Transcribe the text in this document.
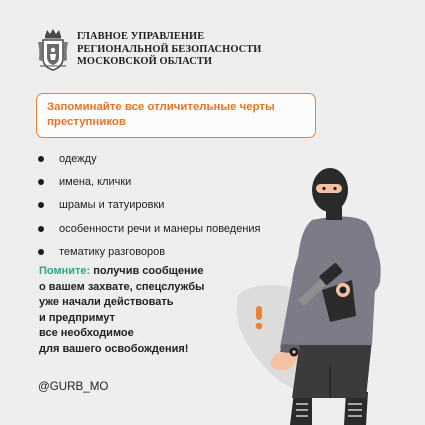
ГЛАВНОЕ УПРАВЛЕНИЕ
РЕГИОНАЛЬНОЙ БЕЗОПАСНОСТИ
МОСКОВСКОЙ ОБЛАСТИ
Запоминайте все отличительные черты
преступников
одежду
имена, клички
шрамы и татуировки
особенности речи и манеры поведения
тематику разговоров
Помните: получив сообщение
о вашем захвате, спецслужбы
уже начали действовать
и предпримут
все необходимое
для вашего освобождения!
@GURB_MO
